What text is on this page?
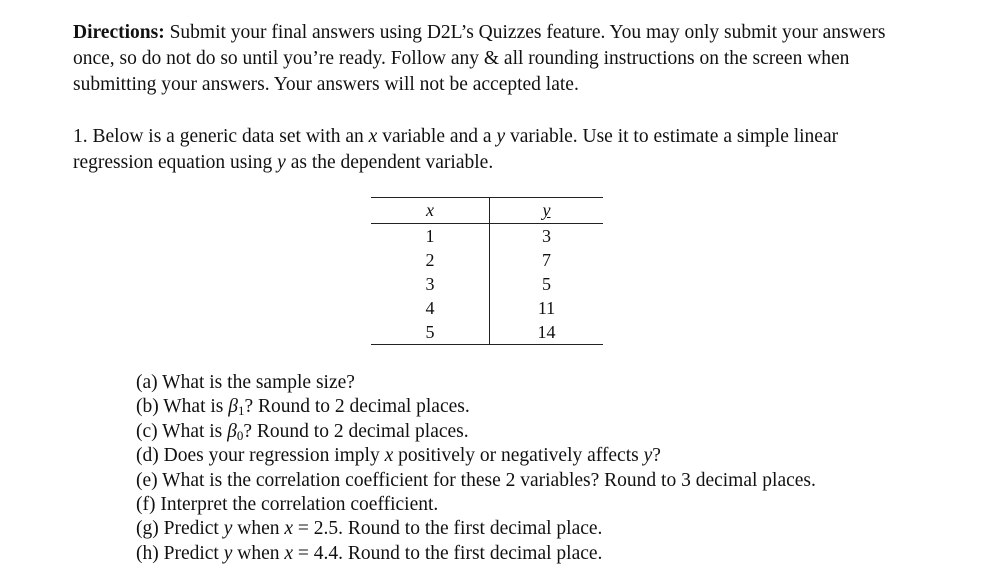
Directions: Submit your final answers using D2L’s Quizzes feature. You may only submit your answers once, so do not do so until you’re ready. Follow any & all rounding instructions on the screen when submitting your answers. Your answers will not be accepted late.
1. Below is a generic data set with an x variable and a y variable. Use it to estimate a simple linear regression equation using y as the dependent variable.
x	y
1	3
2	7
3	5
4	11
5	14
(a) What is the sample size?
(b) What is $\beta_1$? Round to 2 decimal places.
(c) What is $\beta_0$? Round to 2 decimal places.
(d) Does your regression imply x positively or negatively affects y?
(e) What is the correlation coefficient for these 2 variables? Round to 3 decimal places.
(f) Interpret the correlation coefficient.
(g) Predict y when x = 2.5. Round to the first decimal place.
(h) Predict y when x = 4.4. Round to the first decimal place.
